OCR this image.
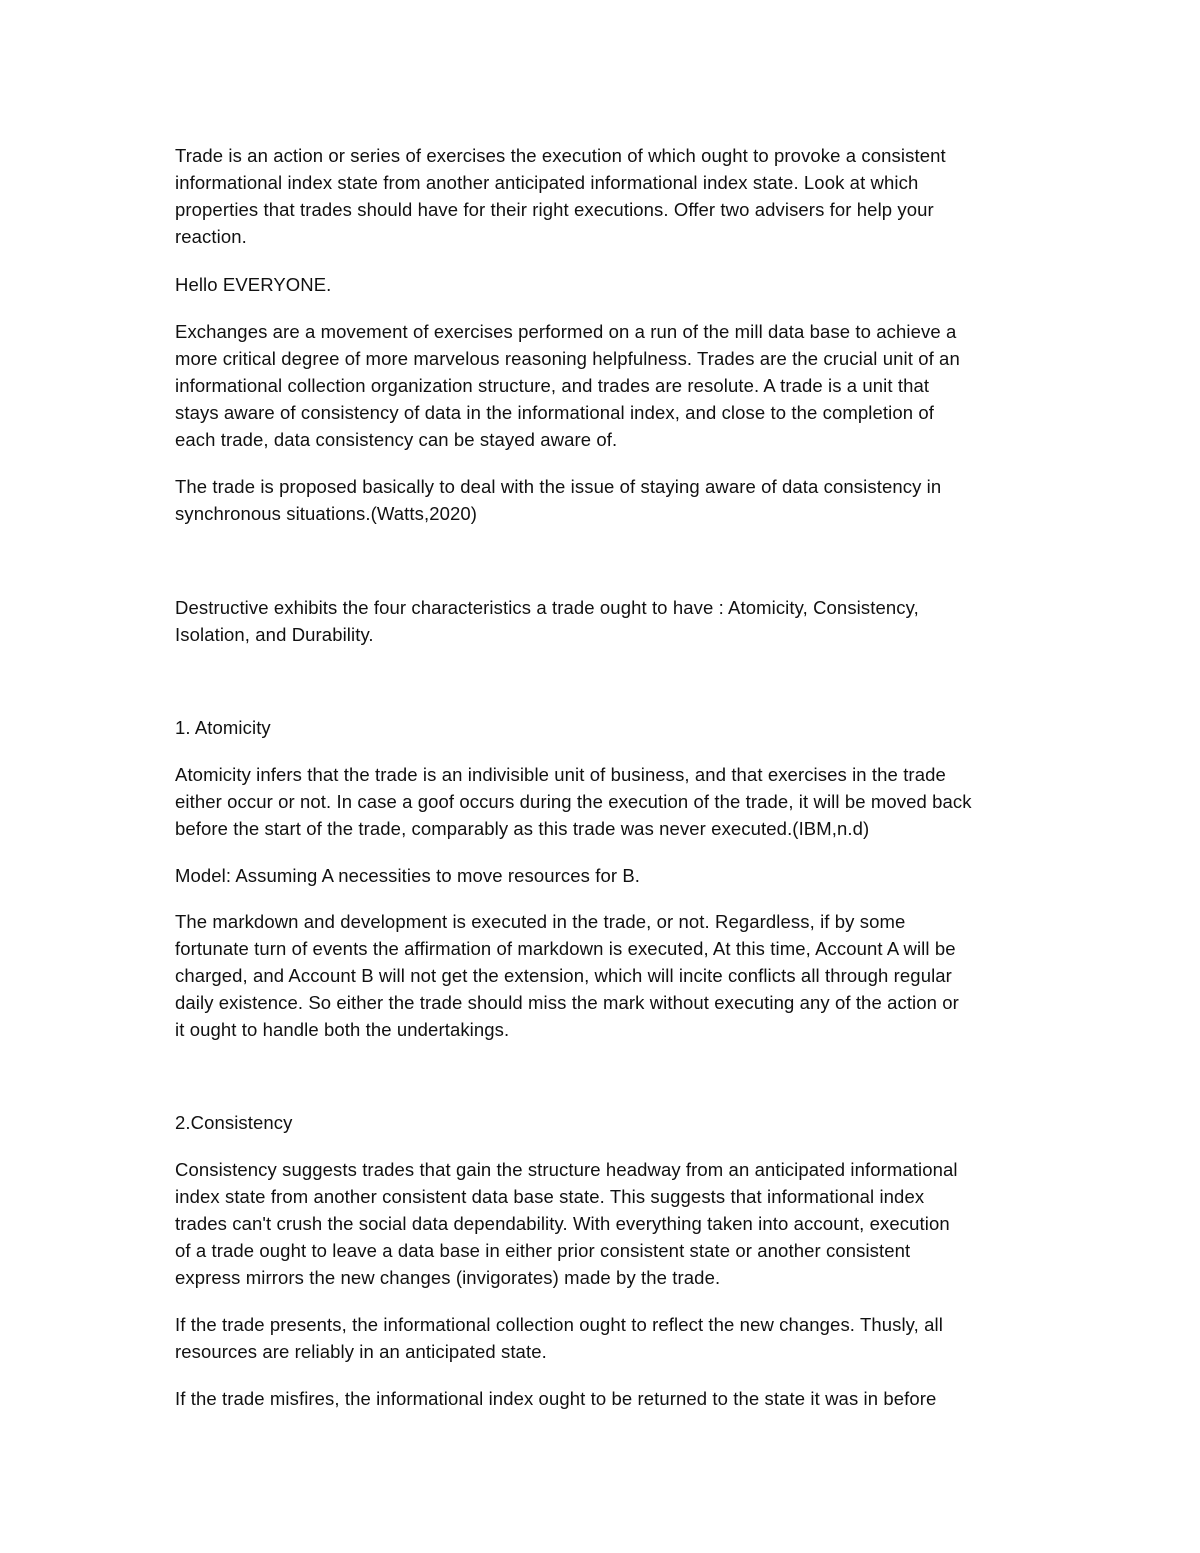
Trade is an action or series of exercises the execution of which ought to provoke a consistent
informational index state from another anticipated informational index state. Look at which
properties that trades should have for their right executions. Offer two advisers for help your
reaction.
Hello EVERYONE.
Exchanges are a movement of exercises performed on a run of the mill data base to achieve a
more critical degree of more marvelous reasoning helpfulness. Trades are the crucial unit of an
informational collection organization structure, and trades are resolute. A trade is a unit that
stays aware of consistency of data in the informational index, and close to the completion of
each trade, data consistency can be stayed aware of.
The trade is proposed basically to deal with the issue of staying aware of data consistency in
synchronous situations.(Watts,2020)
Destructive exhibits the four characteristics a trade ought to have : Atomicity, Consistency,
Isolation, and Durability.
1. Atomicity
Atomicity infers that the trade is an indivisible unit of business, and that exercises in the trade
either occur or not. In case a goof occurs during the execution of the trade, it will be moved back
before the start of the trade, comparably as this trade was never executed.(IBM,n.d)
Model: Assuming A necessities to move resources for B.
The markdown and development is executed in the trade, or not. Regardless, if by some
fortunate turn of events the affirmation of markdown is executed, At this time, Account A will be
charged, and Account B will not get the extension, which will incite conflicts all through regular
daily existence. So either the trade should miss the mark without executing any of the action or
it ought to handle both the undertakings.
2.Consistency
Consistency suggests trades that gain the structure headway from an anticipated informational
index state from another consistent data base state. This suggests that informational index
trades can't crush the social data dependability. With everything taken into account, execution
of a trade ought to leave a data base in either prior consistent state or another consistent
express mirrors the new changes (invigorates) made by the trade.
If the trade presents, the informational collection ought to reflect the new changes. Thusly, all
resources are reliably in an anticipated state.
If the trade misfires, the informational index ought to be returned to the state it was in before
